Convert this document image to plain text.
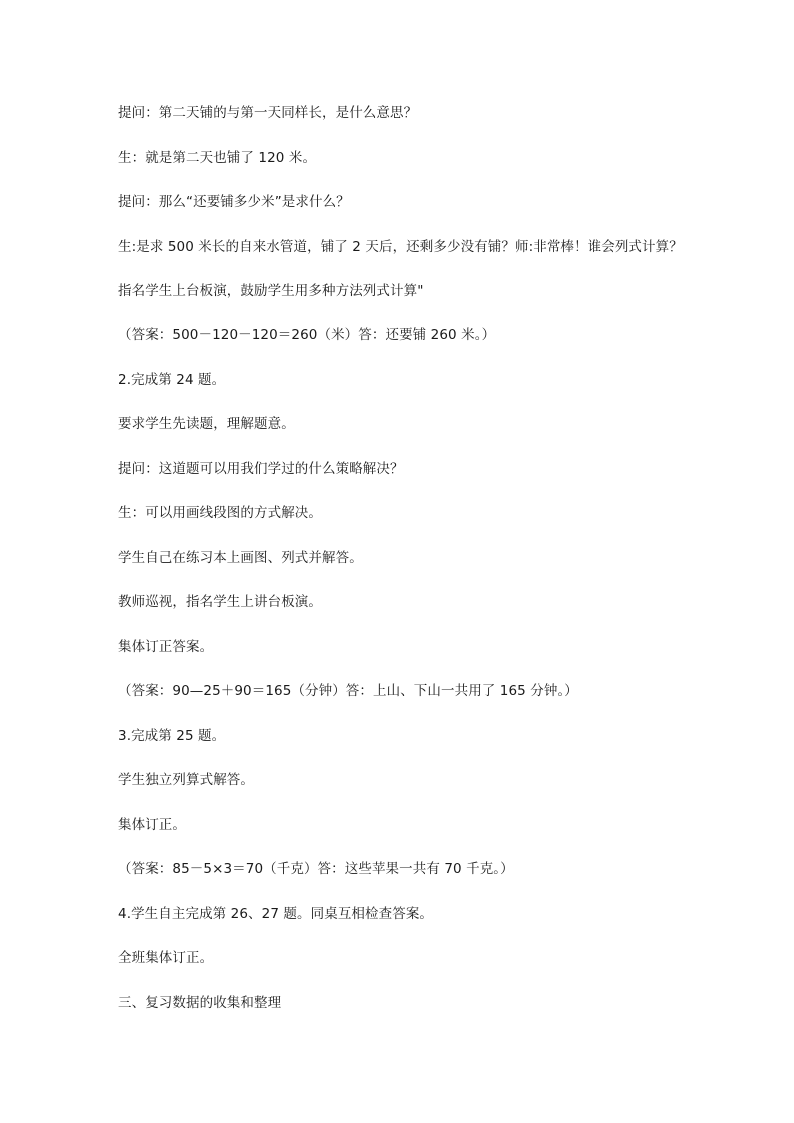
提问：第二天铺的与第一天同样长，是什么意思？
生：就是第二天也铺了 120 米。
提问：那么“还要铺多少米”是求什么？
生:是求 500 米长的自来水管道，铺了 2 天后，还剩多少没有铺？师:非常棒！谁会列式计算？
指名学生上台板演，鼓励学生用多种方法列式计算"
（答案：500－120－120＝260（米）答：还要铺 260 米。）
2.完成第 24 题。
要求学生先读题，理解题意。
提问：这道题可以用我们学过的什么策略解决？
生：可以用画线段图的方式解决。
学生自己在练习本上画图、列式并解答。
教师巡视，指名学生上讲台板演。
集体订正答案。
（答案：90—25＋90＝165（分钟）答：上山、下山一共用了 165 分钟。）
3.完成第 25 题。
学生独立列算式解答。
集体订正。
（答案：85－5×3＝70（千克）答：这些苹果一共有 70 千克。）
4.学生自主完成第 26、27 题。同桌互相检查答案。
全班集体订正。
三、复习数据的收集和整理
